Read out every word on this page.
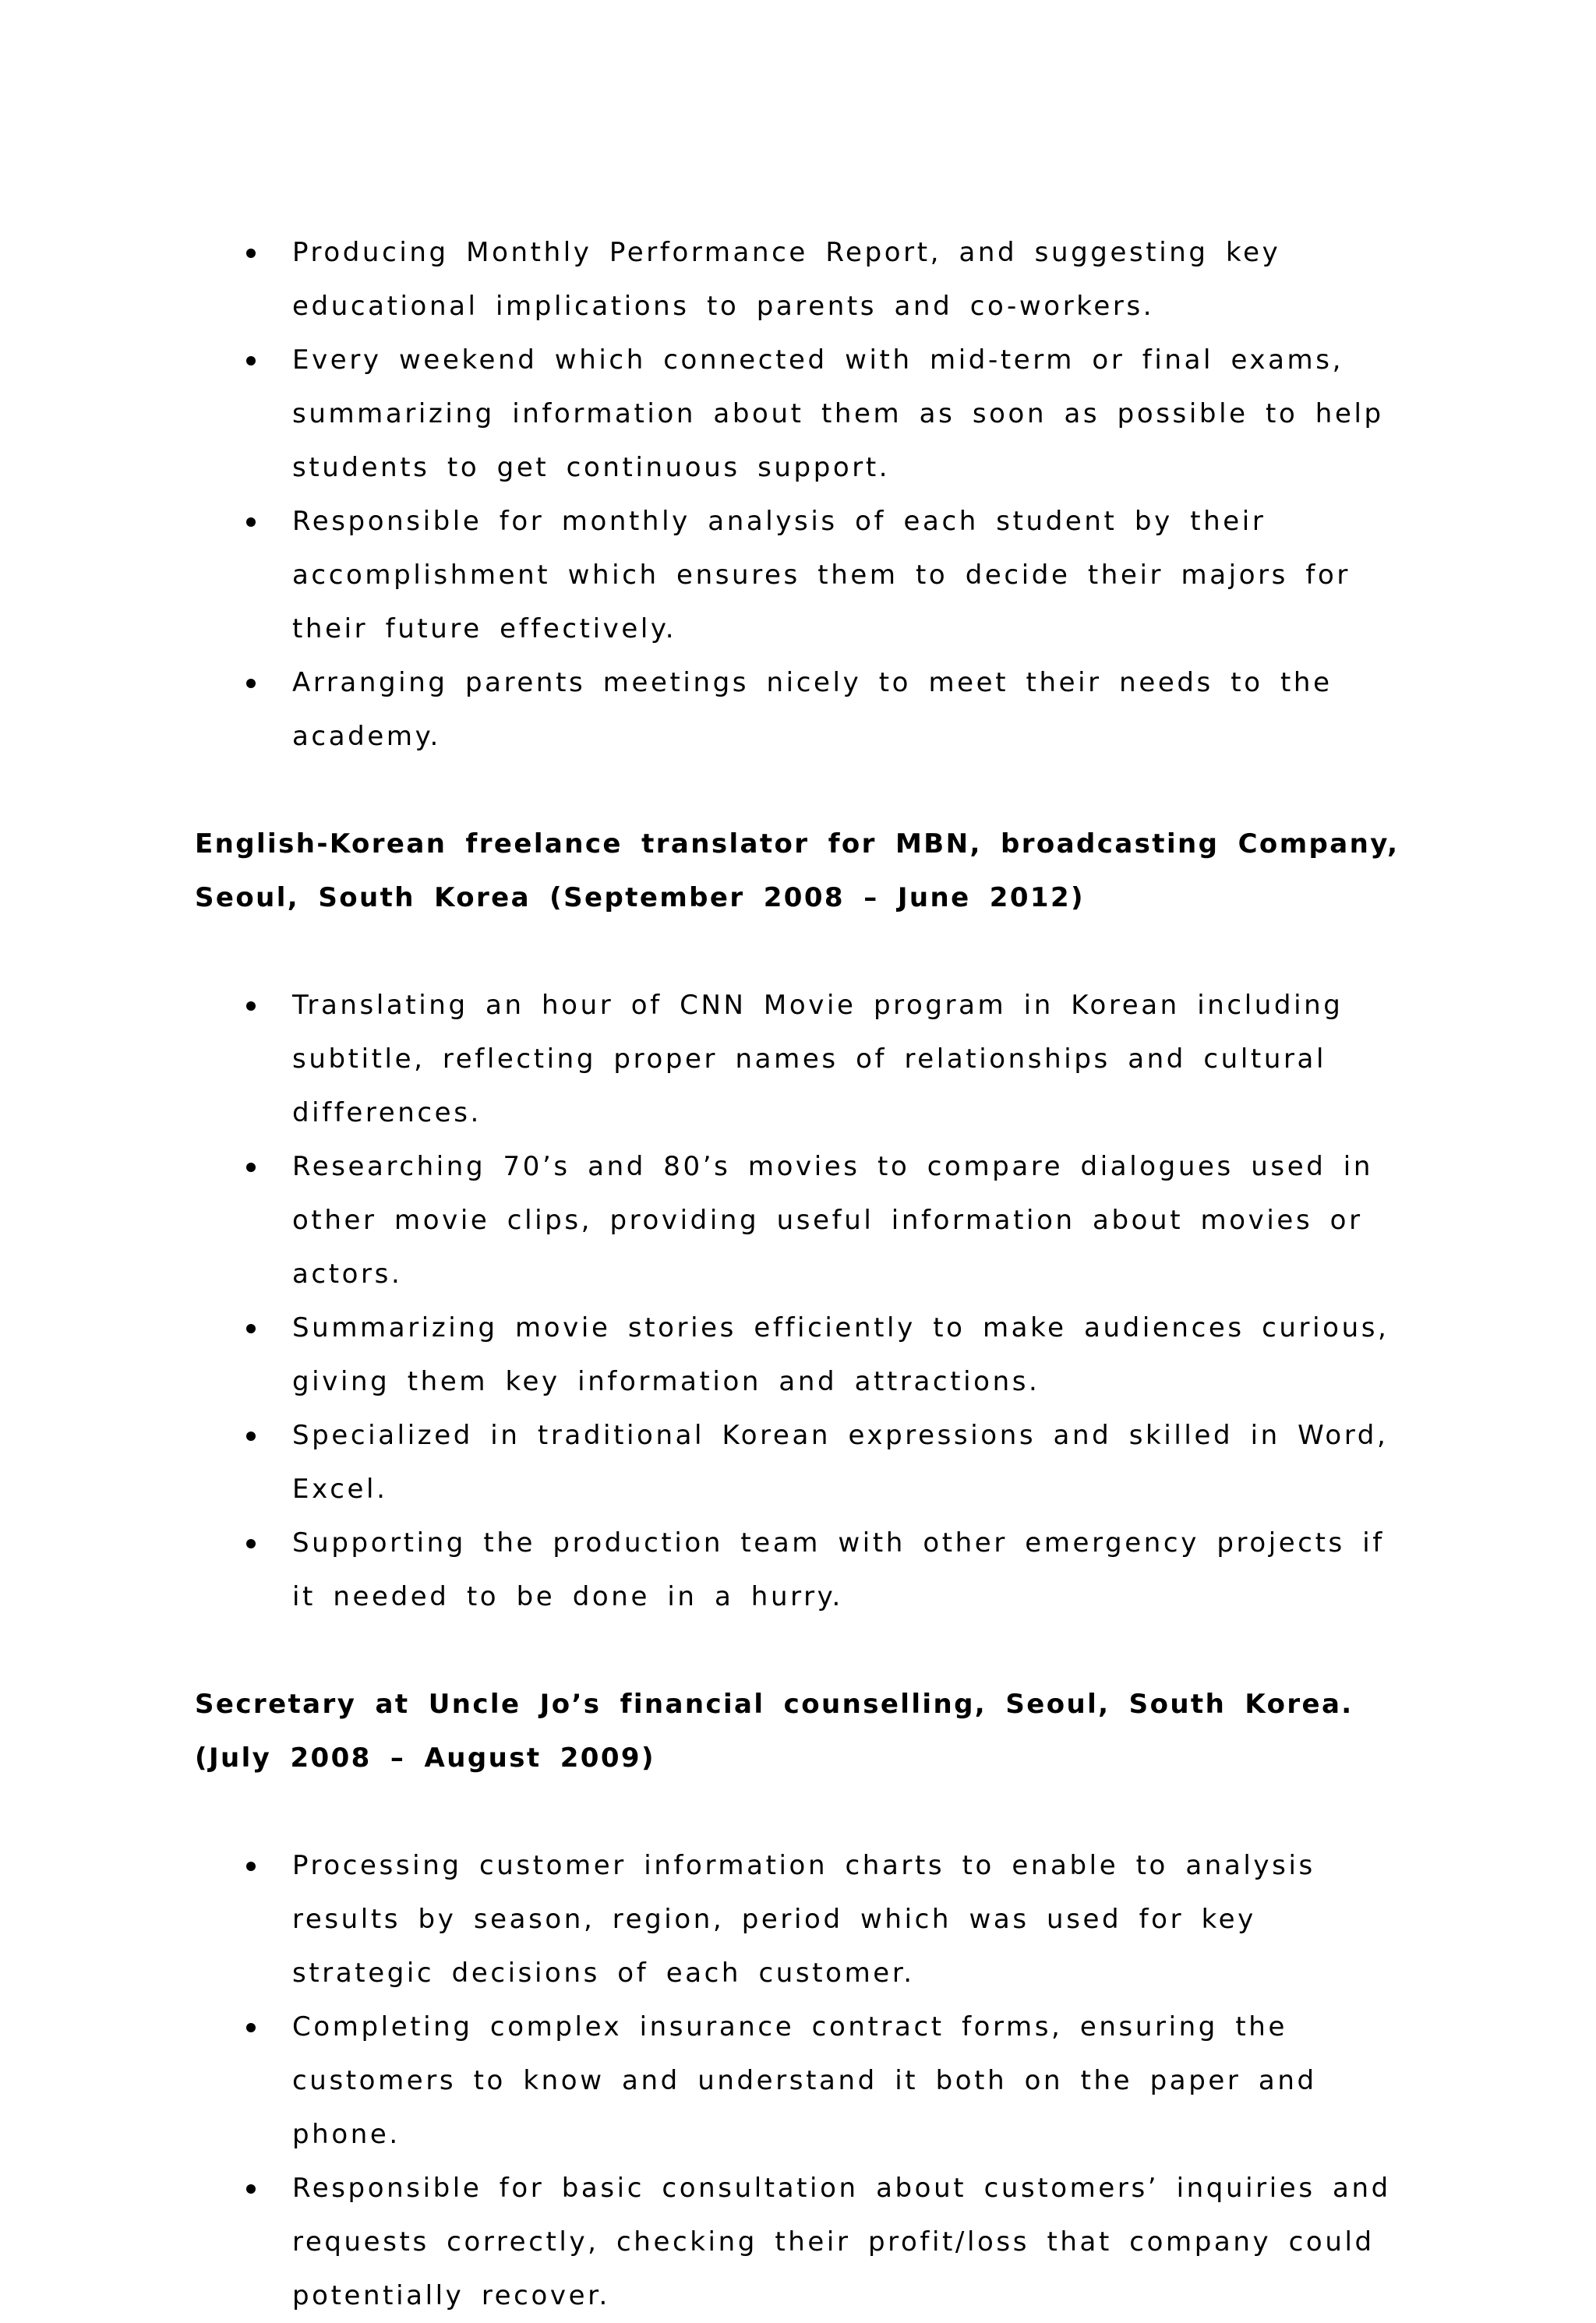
Producing Monthly Performance Report, and suggesting key educational implications to parents and co-workers.
Every weekend which connected with mid-term or final exams, summarizing information about them as soon as possible to help students to get continuous support.
Responsible for monthly analysis of each student by their accomplishment which ensures them to decide their majors for their future effectively.
Arranging parents meetings nicely to meet their needs to the academy.

English-Korean freelance translator for MBN, broadcasting Company, Seoul, South Korea (September 2008 – June 2012)

Translating an hour of CNN Movie program in Korean including subtitle, reflecting proper names of relationships and cultural differences.
Researching 70’s and 80’s movies to compare dialogues used in other movie clips, providing useful information about movies or actors.
Summarizing movie stories efficiently to make audiences curious, giving them key information and attractions.
Specialized in traditional Korean expressions and skilled in Word, Excel.
Supporting the production team with other emergency projects if it needed to be done in a hurry.

Secretary at Uncle Jo’s financial counselling, Seoul, South Korea. (July 2008 – August 2009)

Processing customer information charts to enable to analysis results by season, region, period which was used for key strategic decisions of each customer.
Completing complex insurance contract forms, ensuring the customers to know and understand it both on the paper and phone.
Responsible for basic consultation about customers’ inquiries and requests correctly, checking their profit/loss that company could potentially recover.
